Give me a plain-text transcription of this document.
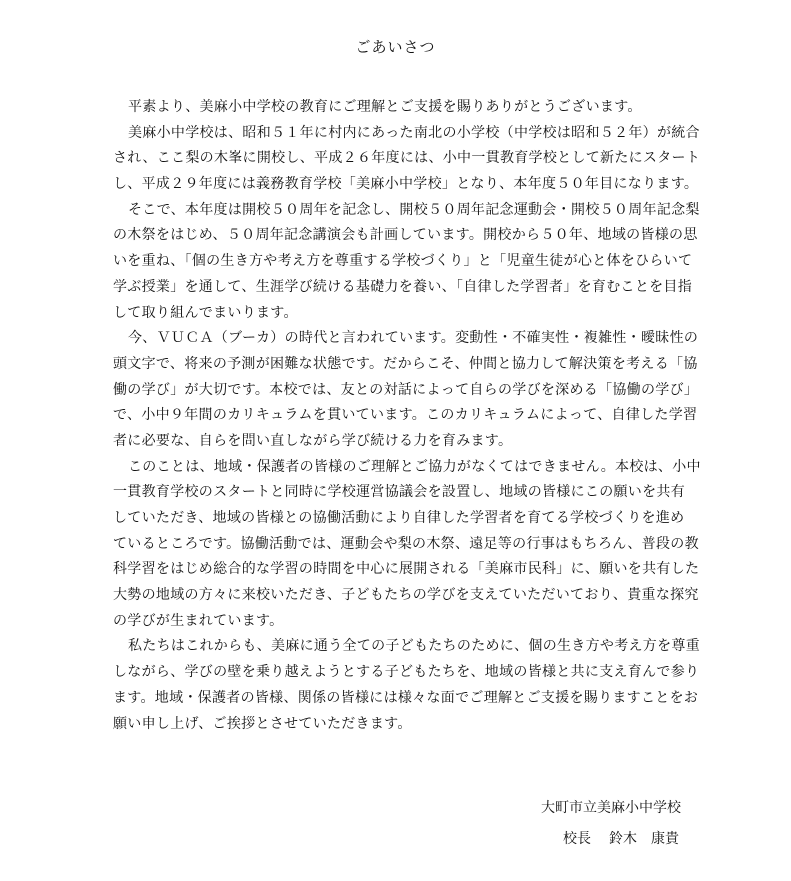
ごあいさつ
平素より、美麻小中学校の教育にご理解とご支援を賜りありがとうございます。
美麻小中学校は、昭和５１年に村内にあった南北の小学校（中学校は昭和５２年）が統合
され、ここ梨の木峯に開校し、平成２６年度には、小中一貫教育学校として新たにスタート
し、平成２９年度には義務教育学校「美麻小中学校」となり、本年度５０年目になります。
そこで、本年度は開校５０周年を記念し、開校５０周年記念運動会・開校５０周年記念梨
の木祭をはじめ、５０周年記念講演会も計画しています。開校から５０年、地域の皆様の思
いを重ね、「個の生き方や考え方を尊重する学校づくり」と「児童生徒が心と体をひらいて
学ぶ授業」を通して、生涯学び続ける基礎力を養い、「自律した学習者」を育むことを目指
して取り組んでまいります。
今、ＶＵＣＡ（ブーカ）の時代と言われています。変動性・不確実性・複雑性・曖昧性の
頭文字で、将来の予測が困難な状態です。だからこそ、仲間と協力して解決策を考える「協
働の学び」が大切です。本校では、友との対話によって自らの学びを深める「協働の学び」
で、小中９年間のカリキュラムを貫いています。このカリキュラムによって、自律した学習
者に必要な、自らを問い直しながら学び続ける力を育みます。
このことは、地域・保護者の皆様のご理解とご協力がなくてはできません。本校は、小中
一貫教育学校のスタートと同時に学校運営協議会を設置し、地域の皆様にこの願いを共有
していただき、地域の皆様との協働活動により自律した学習者を育てる学校づくりを進め
ているところです。協働活動では、運動会や梨の木祭、遠足等の行事はもちろん、普段の教
科学習をはじめ総合的な学習の時間を中心に展開される「美麻市民科」に、願いを共有した
大勢の地域の方々に来校いただき、子どもたちの学びを支えていただいており、貴重な探究
の学びが生まれています。
私たちはこれからも、美麻に通う全ての子どもたちのために、個の生き方や考え方を尊重
しながら、学びの壁を乗り越えようとする子どもたちを、地域の皆様と共に支え育んで参り
ます。地域・保護者の皆様、関係の皆様には様々な面でご理解とご支援を賜りますことをお
願い申し上げ、ご挨拶とさせていただきます。
大町市立美麻小中学校
校長 鈴木　康貴
